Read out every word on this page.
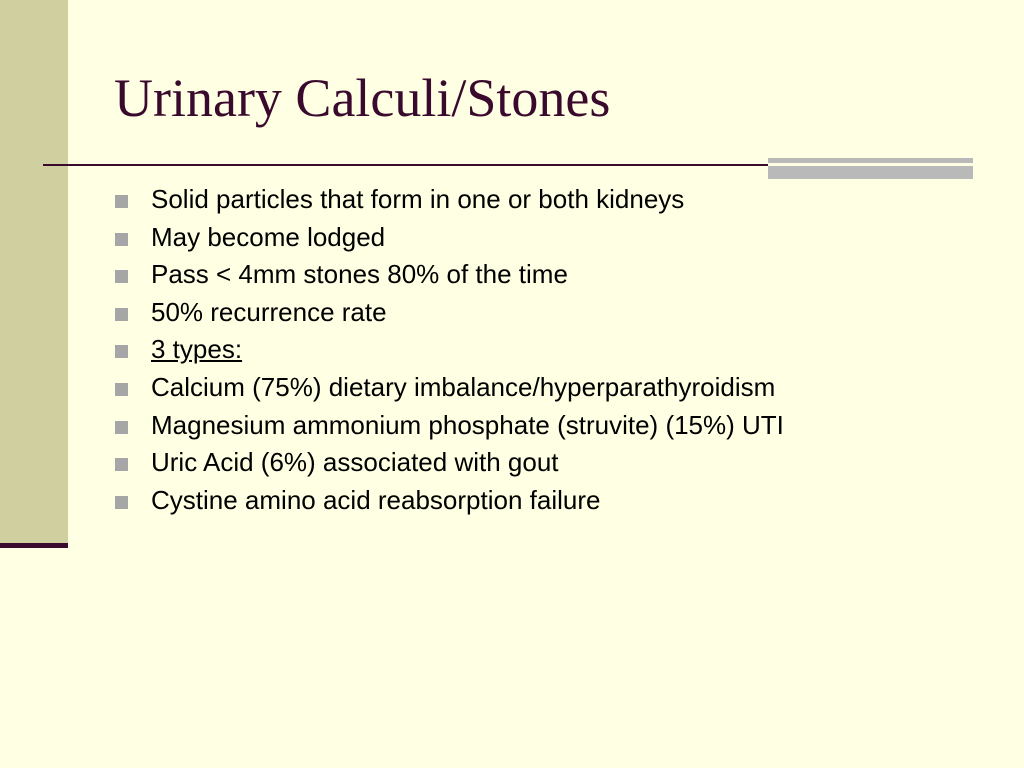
Urinary Calculi/Stones
Solid particles that form in one or both kidneys
May become lodged
Pass < 4mm stones 80% of the time
50% recurrence rate
3 types:
Calcium (75%) dietary imbalance/hyperparathyroidism
Magnesium ammonium phosphate (struvite) (15%) UTI
Uric Acid (6%) associated with gout
Cystine amino acid reabsorption failure
